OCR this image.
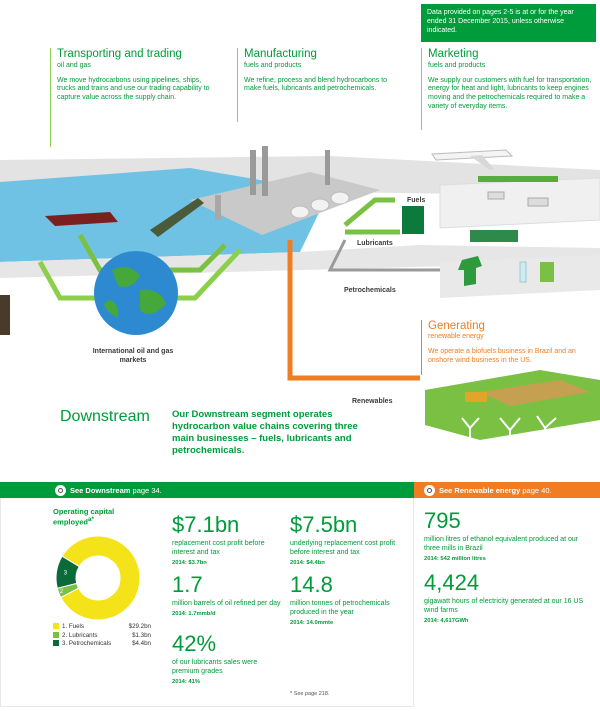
Data provided on pages 2-5 is at or for the year ended 31 December 2015, unless otherwise indicated.
Transporting and trading
oil and gas

We move hydrocarbons using pipelines, ships, trucks and trains and use our trading capability to capture value across the supply chain.

Manufacturing
fuels and products

We refine, process and blend hydrocarbons to make fuels, lubricants and petrochemicals.

Marketing
fuels and products

We supply our customers with fuel for transportation, energy for heat and light, lubricants to keep engines moving and the petrochemicals required to make a variety of everyday items.

Fuels
Lubricants
Petrochemicals
Renewables
International oil and gas markets
Generating
renewable energy

We operate a biofuels business in Brazil and an onshore wind business in the US.

Downstream Our Downstream segment operates hydrocarbon value chains covering three main businesses – fuels, lubricants and petrochemicals.
See Downstream page 34.	See Renewable energy page 40.
Operating capital
employed$^{a*}$
2
3
1. Fuels	$29.2bn
2. Lubricants	$1.3bn
3. Petrochemicals	$4.4bn
$7.1bn
replacement cost profit before interest and tax
2014: $3.7bn
1.7
million barrels of oil refined per day
2014: 1.7mmb/d
42%
of our lubricants sales were premium grades
2014: 41%
$7.5bn
underlying replacement cost profit before interest and tax
2014: $4.4bn
14.8
million tonnes of petrochemicals produced in the year
2014: 14.0mmte
795
million litres of ethanol equivalent produced at our three mills in Brazil
2014: 542 million litres
4,424
gigawatt hours of electricity generated at our 16 US wind farms
2014: 4,617GWh
* See page 218.
